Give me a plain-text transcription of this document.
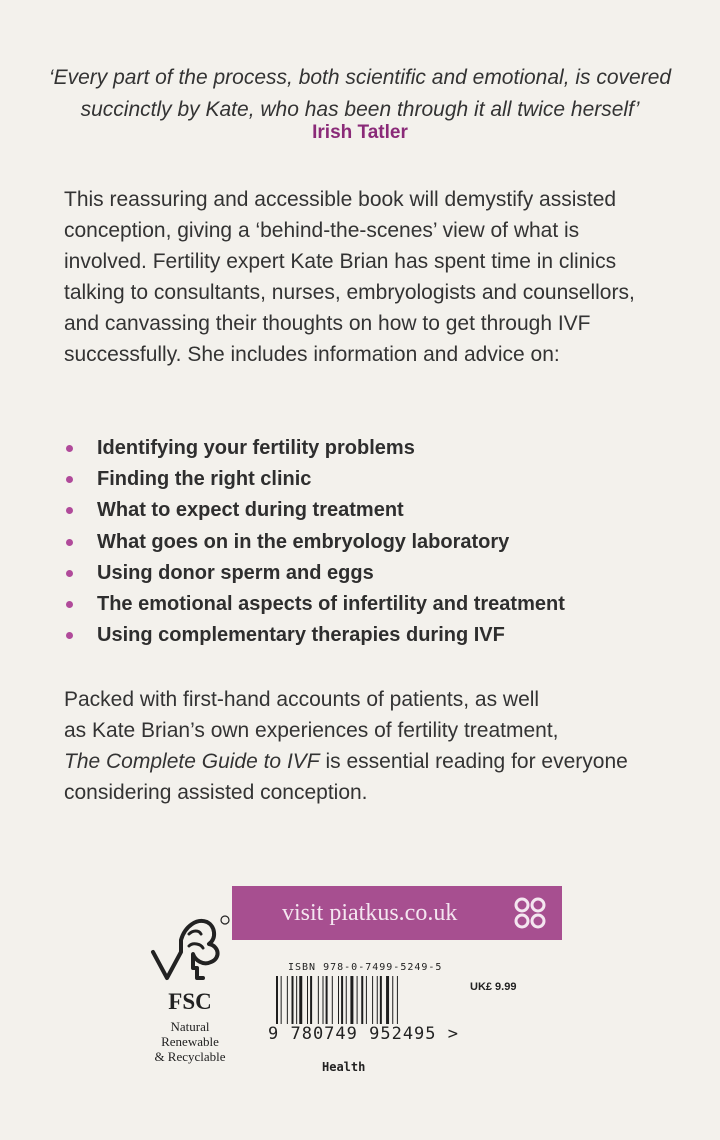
‘Every part of the process, both scientific and emotional, is covered
succinctly by Kate, who has been through it all twice herself’
Irish Tatler
This reassuring and accessible book will demystify assisted conception, giving a ‘behind-the-scenes’ view of what is involved. Fertility expert Kate Brian has spent time in clinics talking to consultants, nurses, embryologists and counsellors, and canvassing their thoughts on how to get through IVF successfully. She includes information and advice on:
Identifying your fertility problems
Finding the right clinic
What to expect during treatment
What goes on in the embryology laboratory
Using donor sperm and eggs
The emotional aspects of infertility and treatment
Using complementary therapies during IVF
Packed with first-hand accounts of patients, as well
as Kate Brian’s own experiences of fertility treatment,
The Complete Guide to IVF is essential reading for everyone
considering assisted conception.
visit piatkus.co.uk
FSC
Natural
Renewable
& Recyclable
ISBN 978-0-7499-5249-5
UK£ 9.99
9 780749 952495 >
Health
